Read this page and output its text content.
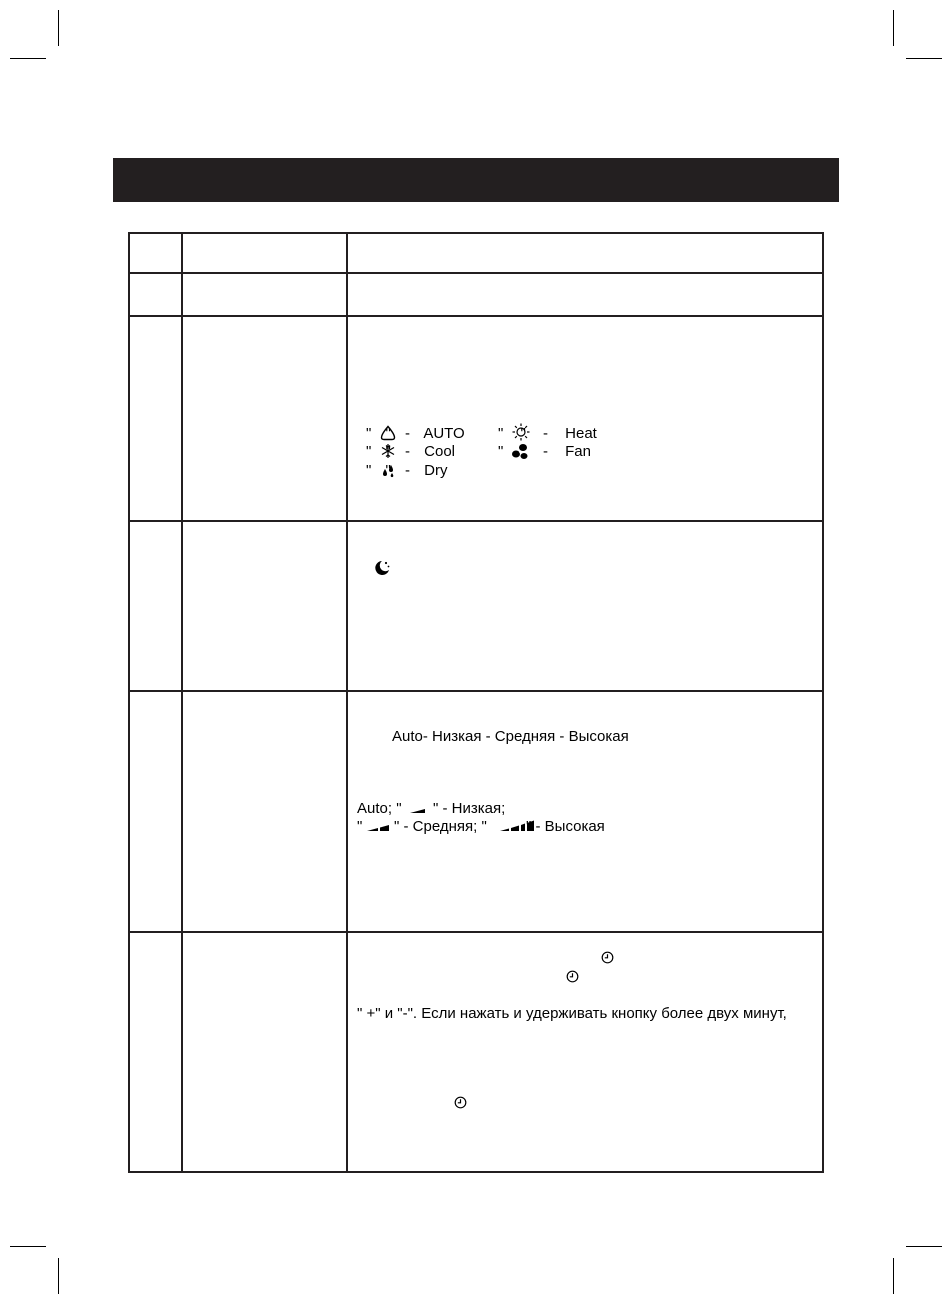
" " - AUTO
" " - Cool
" " - Dry
" " - Heat
" " - Fan
Auto- Низкая - Средняя - Высокая
Auto; " " - Низкая;
" " - Средняя; "	" - Высокая
" +" и "-". Если нажать и удерживать кнопку более двух минут,
